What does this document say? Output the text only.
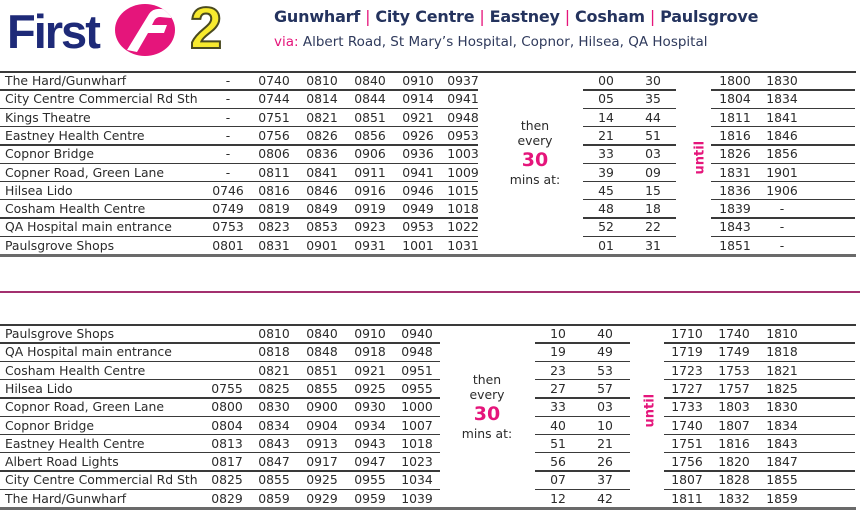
First 2	Gunwharf | City Centre | Eastney | Cosham | Paulsgrove
via: Albert Road, St Mary’s Hospital, Copnor, Hilsea, QA Hospital
The Hard/Gunwharf	-	0740	0810	0840	0910	0937	00	30	1800	1830
City Centre Commercial Rd Sth	-	0744	0814	0844	0914	0941	05	35	1804	1834
Kings Theatre	-	0751	0821	0851	0921	0948	14	44	1811	1841
Eastney Health Centre	-	0756	0826	0856	0926	0953	21	51	1816	1846
Copnor Bridge	-	0806	0836	0906	0936	1003	33	03	1826	1856
Copner Road, Green Lane	-	0811	0841	0911	0941	1009	39	09	1831	1901
Hilsea Lido	0746	0816	0846	0916	0946	1015	45	15	1836	1906
Cosham Health Centre	0749	0819	0849	0919	0949	1018	48	18	1839	-
QA Hospital main entrance	0753	0823	0853	0923	0953	1022	52	22	1843	-
Paulsgrove Shops	0801	0831	0901	0931	1001	1031	01	31	1851	-
then
every
30
mins at:
until
Paulsgrove Shops	0810	0840	0910	0940	10	40	1710	1740	1810
QA Hospital main entrance	0818	0848	0918	0948	19	49	1719	1749	1818
Cosham Health Centre	0821	0851	0921	0951	23	53	1723	1753	1821
Hilsea Lido	0755	0825	0855	0925	0955	27	57	1727	1757	1825
Copnor Road, Green Lane	0800	0830	0900	0930	1000	33	03	1733	1803	1830
Copnor Bridge	0804	0834	0904	0934	1007	40	10	1740	1807	1834
Eastney Health Centre	0813	0843	0913	0943	1018	51	21	1751	1816	1843
Albert Road Lights	0817	0847	0917	0947	1023	56	26	1756	1820	1847
City Centre Commercial Rd Sth	0825	0855	0925	0955	1034	07	37	1807	1828	1855
The Hard/Gunwharf	0829	0859	0929	0959	1039	12	42	1811	1832	1859
then
every
30
mins at:
until
